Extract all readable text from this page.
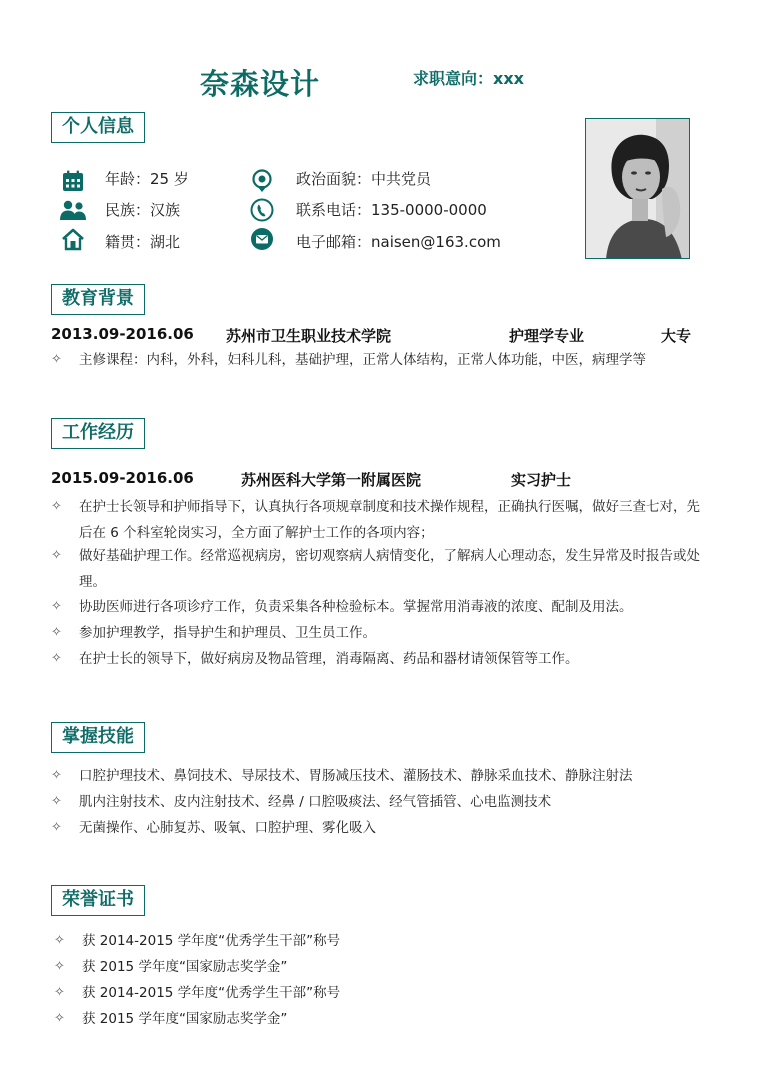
奈森设计	求职意向：xxx
个人信息
年龄：25 岁
民族：汉族
籍贯：湖北
政治面貌：中共党员
联系电话：135-0000-0000
电子邮箱：naisen@163.com
教育背景
2013.09-2016.06 苏州市卫生职业技术学院	护理学专业	大专
✧	主修课程：内科，外科，妇科儿科，基础护理，正常人体结构，正常人体功能，中医，病理学等
工作经历
2015.09-2016.06	苏州医科大学第一附属医院	实习护士
✧	在护士长领导和护师指导下，认真执行各项规章制度和技术操作规程，正确执行医嘱，做好三查七对，先后在 6 个科室轮岗实习，全方面了解护士工作的各项内容；
✧	做好基础护理工作。经常巡视病房，密切观察病人病情变化，了解病人心理动态，发生异常及时报告或处理。
✧	协助医师进行各项诊疗工作，负责采集各种检验标本。掌握常用消毒液的浓度、配制及用法。
✧	参加护理教学，指导护生和护理员、卫生员工作。
✧	在护士长的领导下，做好病房及物品管理，消毒隔离、药品和器材请领保管等工作。
掌握技能
✧	口腔护理技术、鼻饲技术、导尿技术、胃肠减压技术、灌肠技术、静脉采血技术、静脉注射法
✧	肌内注射技术、皮内注射技术、经鼻 / 口腔吸痰法、经气管插管、心电监测技术
✧	无菌操作、心肺复苏、吸氧、口腔护理、雾化吸入
荣誉证书
✧	获 2014-2015 学年度“优秀学生干部”称号
✧	获 2015 学年度“国家励志奖学金”
✧	获 2014-2015 学年度“优秀学生干部”称号
✧	获 2015 学年度“国家励志奖学金”
